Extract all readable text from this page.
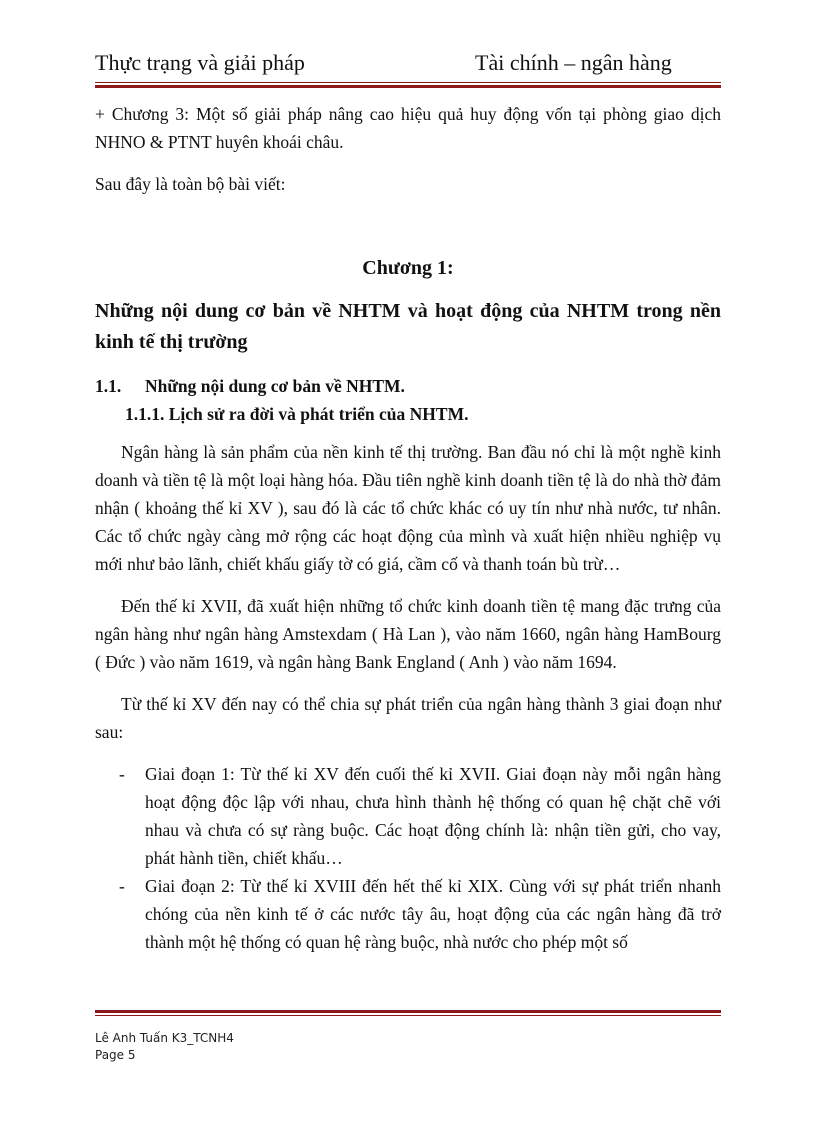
Thực trạng và giải pháp	Tài chính – ngân hàng

+ Chương 3: Một số giải pháp nâng cao hiệu quả huy động vốn tại phòng giao dịch NHNO & PTNT huyên khoái châu.

Sau đây là toàn bộ bài viết:

Chương 1:
Những nội dung cơ bản về NHTM và hoạt động của NHTM trong nền kinh tế thị trường
1.1.	Những nội dung cơ bản về NHTM.
1.1.1. Lịch sử ra đời và phát triển của NHTM.

Ngân hàng là sản phẩm của nền kinh tế thị trường. Ban đầu nó chỉ là một nghề kinh doanh và tiền tệ là một loại hàng hóa. Đầu tiên nghề kinh doanh tiền tệ là do nhà thờ đảm nhận ( khoảng thế kỉ XV ), sau đó là các tổ chức khác có uy tín như nhà nước, tư nhân. Các tổ chức ngày càng mở rộng các hoạt động của mình và xuất hiện nhiều nghiệp vụ mới như bảo lãnh, chiết khấu giấy tờ có giá, cầm cố và thanh toán bù trừ…

Đến thế kỉ XVII, đã xuất hiện những tổ chức kinh doanh tiền tệ mang đặc trưng của ngân hàng như ngân hàng Amstexdam ( Hà Lan ), vào năm 1660, ngân hàng HamBourg ( Đức ) vào năm 1619, và ngân hàng Bank England ( Anh ) vào năm 1694.

Từ thế kỉ XV đến nay có thể chia sự phát triển của ngân hàng thành 3 giai đoạn như sau:

- Giai đoạn 1: Từ thế kỉ XV đến cuối thế kỉ XVII. Giai đoạn này mỗi ngân hàng hoạt động độc lập với nhau, chưa hình thành hệ thống có quan hệ chặt chẽ với nhau và chưa có sự ràng buộc. Các hoạt động chính là: nhận tiền gửi, cho vay, phát hành tiền, chiết khấu…
- Giai đoạn 2: Từ thế kỉ XVIII đến hết thế kỉ XIX. Cùng với sự phát triển nhanh chóng của nền kinh tế ở các nước tây âu, hoạt động của các ngân hàng đã trở thành một hệ thống có quan hệ ràng buộc, nhà nước cho phép một số
Lê Anh Tuấn K3_TCNH4
Page 5
